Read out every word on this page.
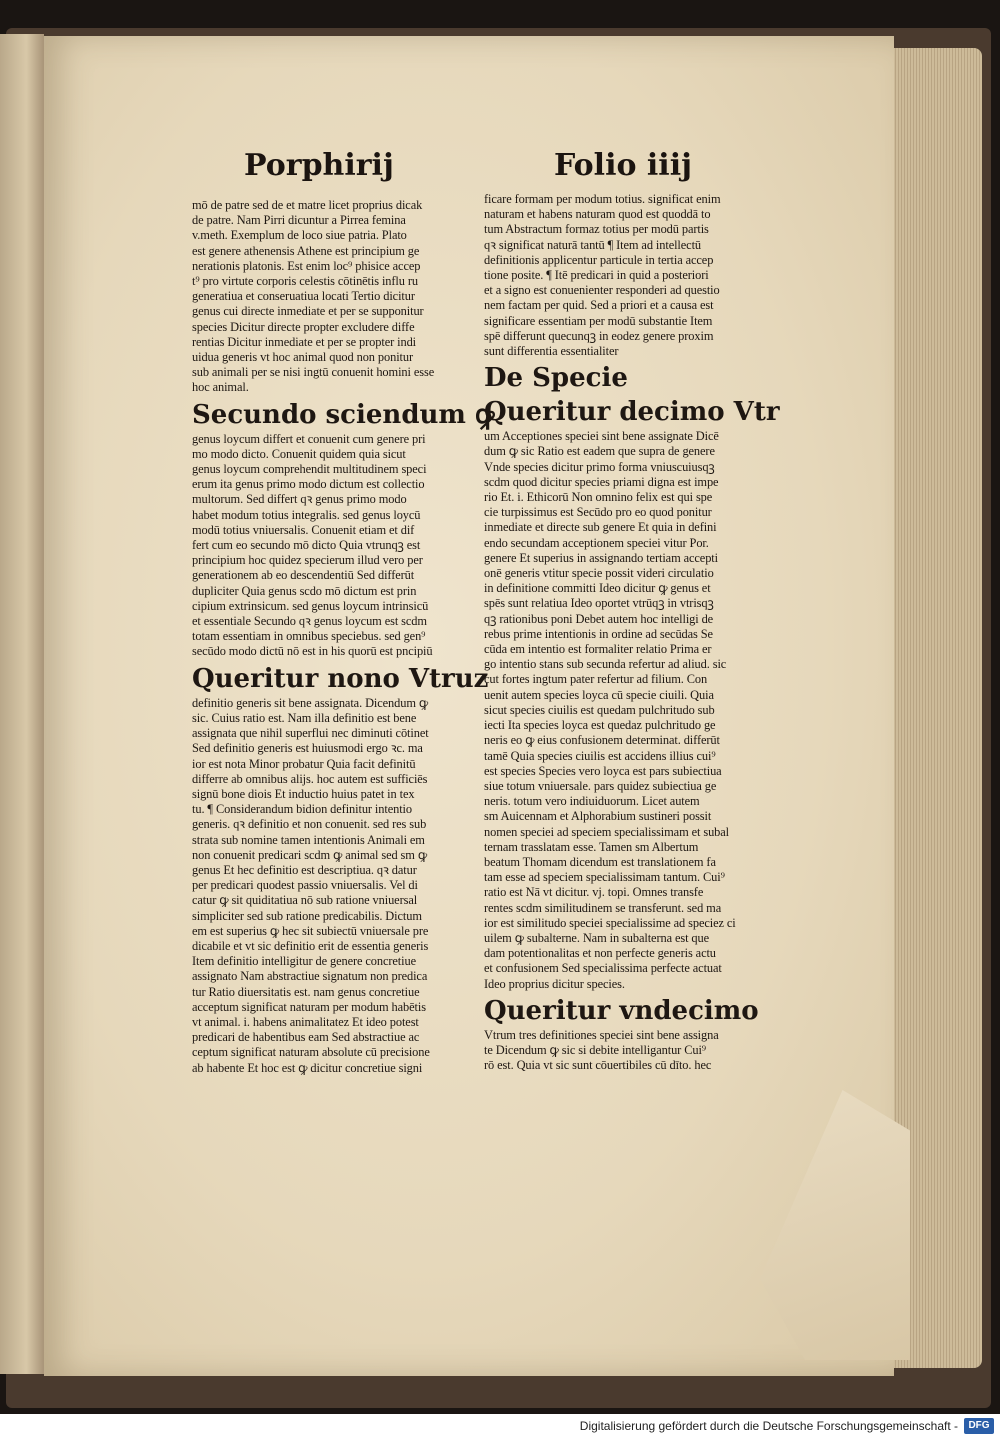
Porphirij	Folio iiij
mō de patre sed de et matre licet proprius dicak
de patre. Nam Pirri dicuntur a Pirrea femina
v.meth. Exemplum de loco siue patria. Plato
est genere athenensis Athene est principium ge
nerationis platonis. Est enim loc⁹ phisice accep
t⁹ pro virtute corporis celestis cōtinētis influ ru
generatiua et conseruatiua locati Tertio dicitur
genus cui directe inmediate et per se supponitur
species Dicitur directe propter excludere diffe
rentias Dicitur inmediate et per se propter indi
uidua generis vt hoc animal quod non ponitur
sub animali per se nisi ingtū conuenit homini esse
hoc animal.
Secundo sciendum ꝙ
genus loycum differt et conuenit cum genere pri
mo modo dicto. Conuenit quidem quia sicut
genus loycum comprehendit multitudinem speci
erum ita genus primo modo dictum est collectio
multorum. Sed differt qꝛ genus primo modo
habet modum totius integralis. sed genus loycū
modū totius vniuersalis. Conuenit etiam et dif
fert cum eo secundo mō dicto Quia vtrunqꝫ est
principium hoc quidez specierum illud vero per
generationem ab eo descendentiū Sed differūt
dupliciter Quia genus scdo mō dictum est prin
cipium extrinsicum. sed genus loycum intrinsicū
et essentiale Secundo qꝛ genus loycum est scdm
totam essentiam in omnibus speciebus. sed gen⁹
secūdo modo dictū nō est in his quorū est pncipiū
Queritur nono Vtruz
definitio generis sit bene assignata. Dicendum ꝙ
sic. Cuius ratio est. Nam illa definitio est bene
assignata que nihil superflui nec diminuti cōtinet
Sed definitio generis est huiusmodi ergo ꝛc. ma
ior est nota Minor probatur Quia facit definitū
differre ab omnibus alijs. hoc autem est sufficiēs
signū bone diois Et inductio huius patet in tex
tu. ¶ Considerandum bidion definitur intentio
generis. qꝛ definitio et non conuenit. sed res sub
strata sub nomine tamen intentionis Animali em
non conuenit predicari scdm ꝙ animal sed sm ꝙ
genus Et hec definitio est descriptiua. qꝛ datur
per predicari quodest passio vniuersalis. Vel di
catur ꝙ sit quiditatiua nō sub ratione vniuersal
simpliciter sed sub ratione predicabilis. Dictum
em est superius ꝙ hec sit subiectū vniuersale pre
dicabile et vt sic definitio erit de essentia generis
Item definitio intelligitur de genere concretiue
assignato Nam abstractiue signatum non predica
tur Ratio diuersitatis est. nam genus concretiue
acceptum significat naturam per modum habētis
vt animal. i. habens animalitatez Et ideo potest
predicari de habentibus eam Sed abstractiue ac
ceptum significat naturam absolute cū precisione
ab habente Et hoc est ꝙ dicitur concretiue signi
ficare formam per modum totius. significat enim
naturam et habens naturam quod est quoddā to
tum Abstractum formaz totius per modū partis
qꝛ significat naturā tantū ¶ Item ad intellectū
definitionis applicentur particule in tertia accep
tione posite. ¶ Itē predicari in quid a posteriori
et a signo est conuenienter responderi ad questio
nem factam per quid. Sed a priori et a causa est
significare essentiam per modū substantie Item
spē differunt quecunqꝫ in eodez genere proxim
sunt differentia essentialiter
De Specie
Queritur decimo Vtr
um Acceptiones speciei sint bene assignate Dicē
dum ꝙ sic Ratio est eadem que supra de genere
Vnde species dicitur primo forma vniuscuiusqꝫ
scdm quod dicitur species priami digna est impe
rio Et. i. Ethicorū Non omnino felix est qui spe
cie turpissimus est Secūdo pro eo quod ponitur
inmediate et directe sub genere Et quia in defini
endo secundam acceptionem speciei vitur Por.
genere Et superius in assignando tertiam accepti
onē generis vtitur specie possit videri circulatio
in definitione committi Ideo dicitur ꝙ genus et
spēs sunt relatiua Ideo oportet vtrūqꝫ in vtrisqꝫ
qꝫ rationibus poni Debet autem hoc intelligi de
rebus prime intentionis in ordine ad secūdas Se
cūda em intentio est formaliter relatio Prima er
go intentio stans sub secunda refertur ad aliud. sic
cut fortes ingtum pater refertur ad filium. Con
uenit autem species loyca cū specie ciuili. Quia
sicut species ciuilis est quedam pulchritudo sub
iecti Ita species loyca est quedaz pulchritudo ge
neris eo ꝙ eius confusionem determinat. differūt
tamē Quia species ciuilis est accidens illius cui⁹
est species Species vero loyca est pars subiectiua
siue totum vniuersale. pars quidez subiectiua ge
neris. totum vero indiuiduorum. Licet autem
sm Auicennam et Alphorabium sustineri possit
nomen speciei ad speciem specialissimam et subal
ternam trasslatam esse. Tamen sm Albertum
beatum Thomam dicendum est translationem fa
tam esse ad speciem specialissimam tantum. Cui⁹
ratio est Nā vt dicitur. vj. topi. Omnes transfe
rentes scdm similitudinem se transferunt. sed ma
ior est similitudo speciei specialissime ad speciez ci
uilem ꝙ subalterne. Nam in subalterna est que
dam potentionalitas et non perfecte generis actu
et confusionem Sed specialissima perfecte actuat
Ideo proprius dicitur species.
Queritur vndecimo
Vtrum tres definitiones speciei sint bene assigna
te Dicendum ꝙ sic si debite intelligantur Cui⁹
rō est. Quia vt sic sunt cōuertibiles cū dīto. hec
Digitalisierung gefördert durch die Deutsche Forschungsgemeinschaft -	DFG
